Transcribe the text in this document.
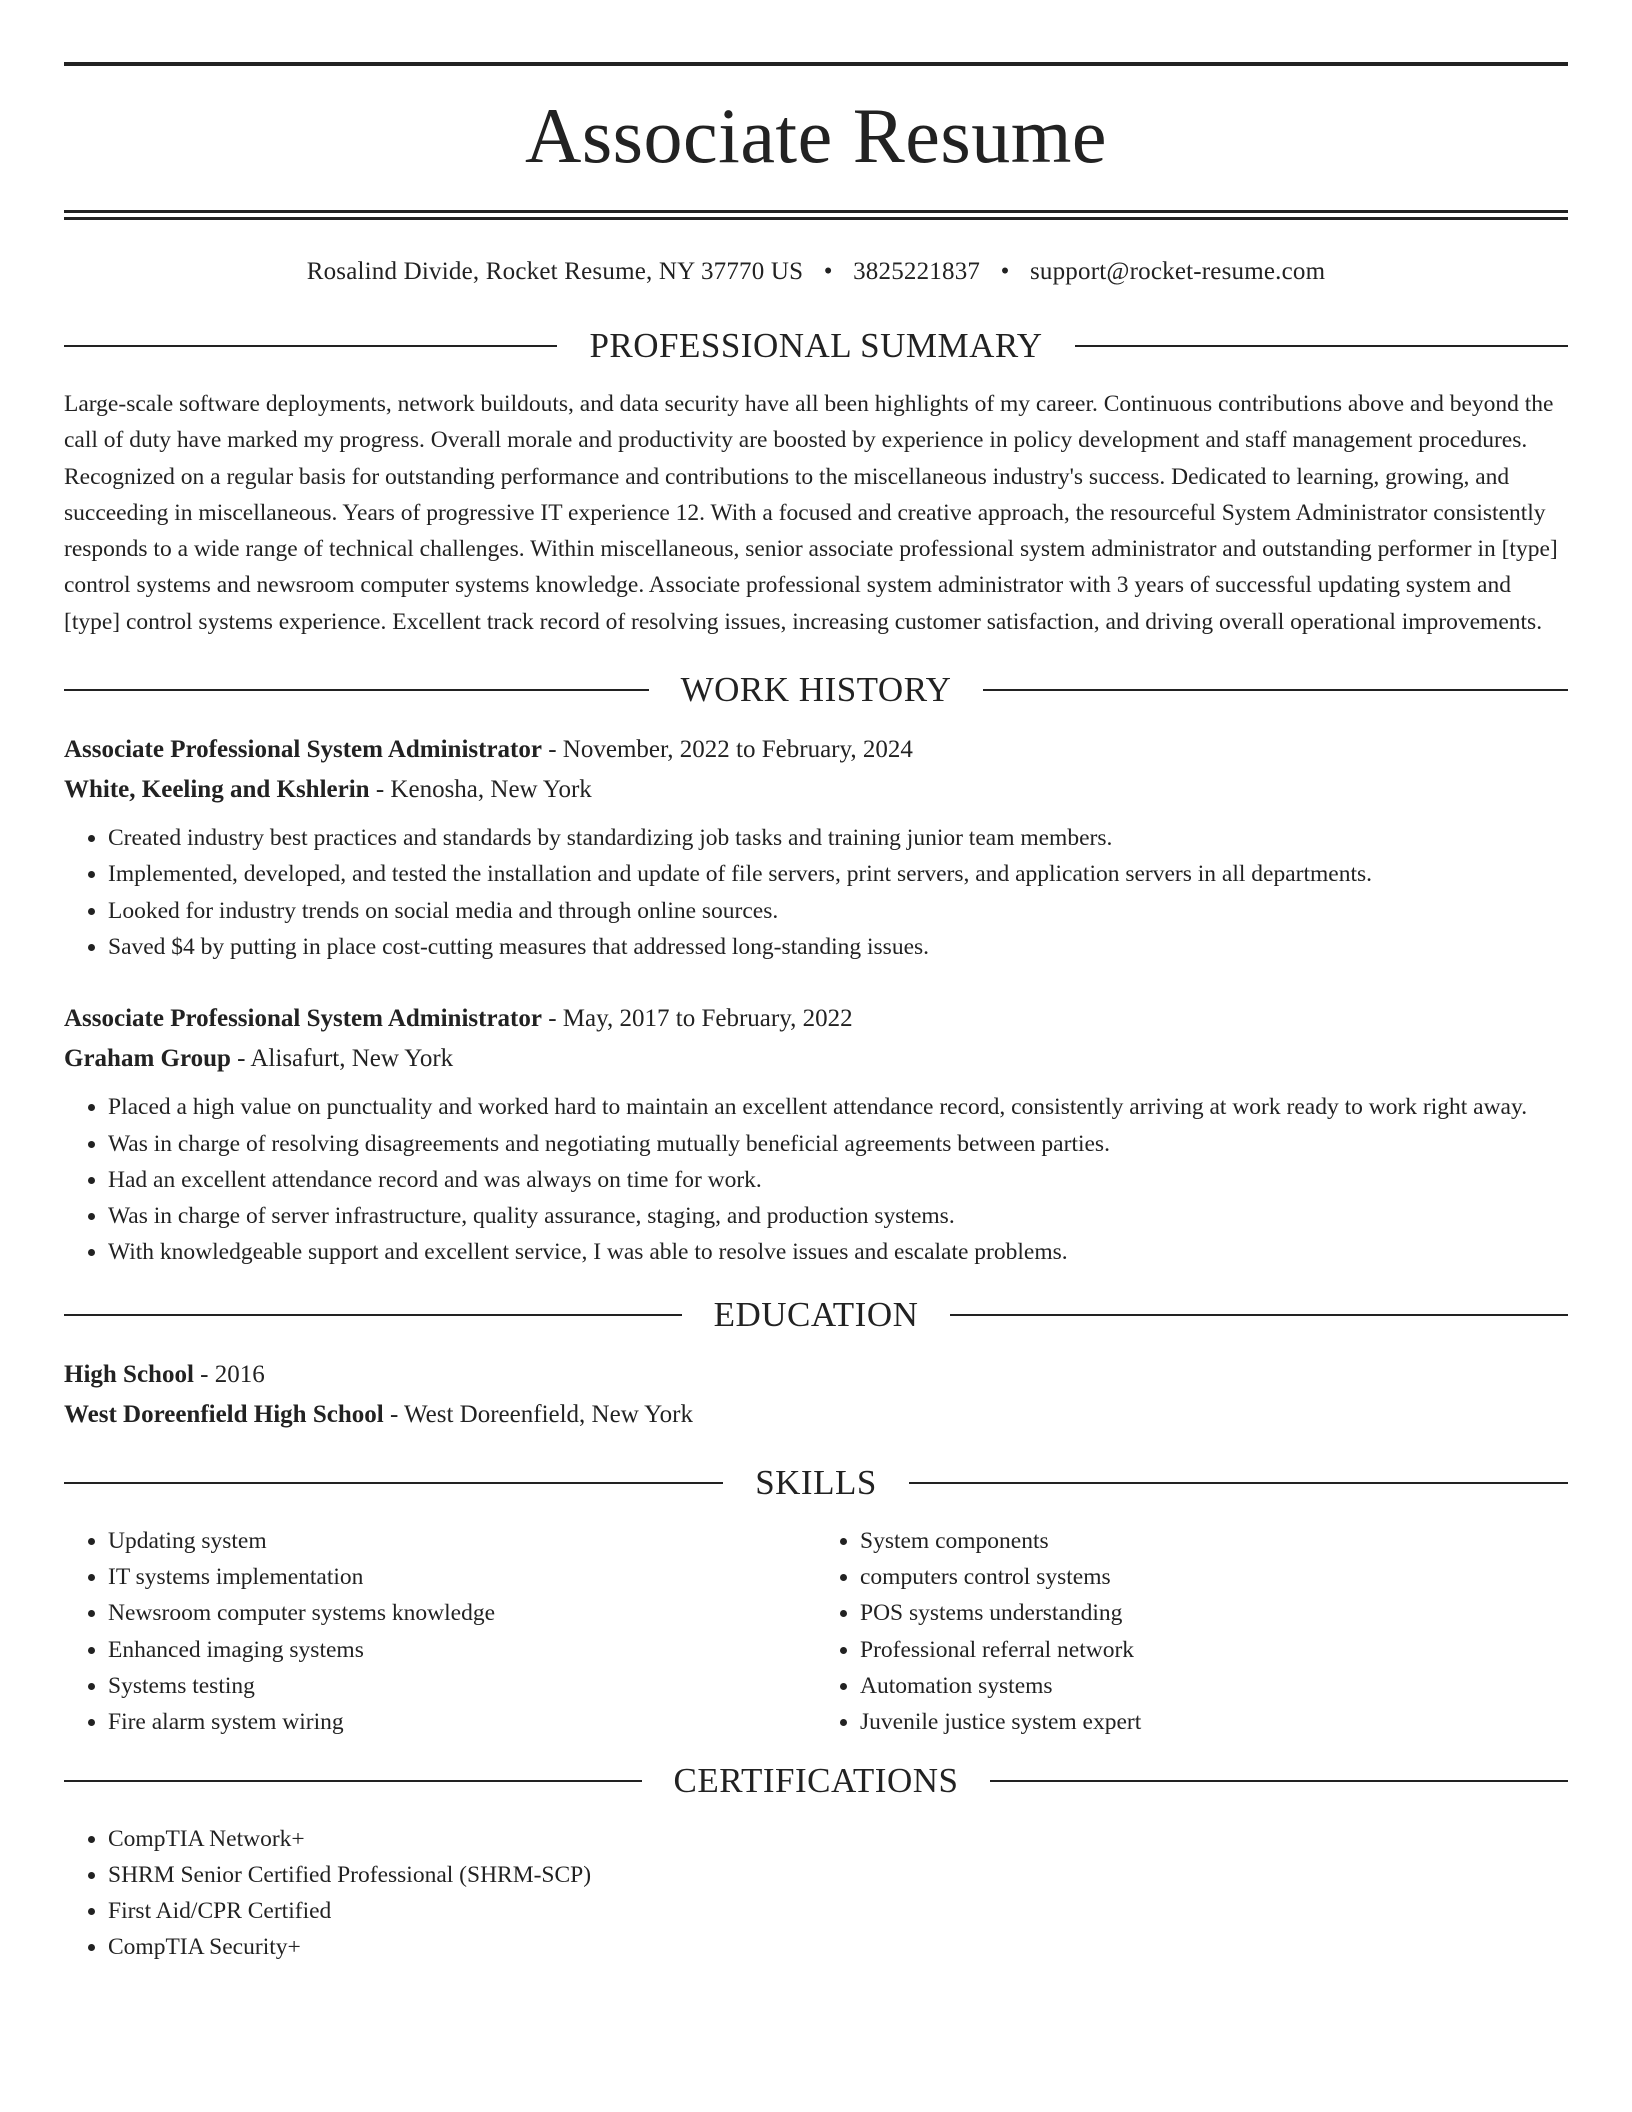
Associate Resume
Rosalind Divide, Rocket Resume, NY 37770 US • 3825221837 • support@rocket-resume.com
PROFESSIONAL SUMMARY

Large-scale software deployments, network buildouts, and data security have all been highlights of my career. Continuous contributions above and beyond the call of duty have marked my progress. Overall morale and productivity are boosted by experience in policy development and staff management procedures. Recognized on a regular basis for outstanding performance and contributions to the miscellaneous industry's success. Dedicated to learning, growing, and succeeding in miscellaneous. Years of progressive IT experience 12. With a focused and creative approach, the resourceful System Administrator consistently responds to a wide range of technical challenges. Within miscellaneous, senior associate professional system administrator and outstanding performer in [type] control systems and newsroom computer systems knowledge. Associate professional system administrator with 3 years of successful updating system and [type] control systems experience. Excellent track record of resolving issues, increasing customer satisfaction, and driving overall operational improvements.

WORK HISTORY
Associate Professional System Administrator - November, 2022 to February, 2024
White, Keeling and Kshlerin - Kenosha, New York
• Created industry best practices and standards by standardizing job tasks and training junior team members.
• Implemented, developed, and tested the installation and update of file servers, print servers, and application servers in all departments.
• Looked for industry trends on social media and through online sources.
• Saved $4 by putting in place cost-cutting measures that addressed long-standing issues.
Associate Professional System Administrator - May, 2017 to February, 2022
Graham Group - Alisafurt, New York
• Placed a high value on punctuality and worked hard to maintain an excellent attendance record, consistently arriving at work ready to work right away.
• Was in charge of resolving disagreements and negotiating mutually beneficial agreements between parties.
• Had an excellent attendance record and was always on time for work.
• Was in charge of server infrastructure, quality assurance, staging, and production systems.
• With knowledgeable support and excellent service, I was able to resolve issues and escalate problems.
EDUCATION
High School - 2016
West Doreenfield High School - West Doreenfield, New York
SKILLS
• Updating system
• IT systems implementation
• Newsroom computer systems knowledge
• Enhanced imaging systems
• Systems testing
• Fire alarm system wiring
• System components
• computers control systems
• POS systems understanding
• Professional referral network
• Automation systems
• Juvenile justice system expert
CERTIFICATIONS
• CompTIA Network+
• SHRM Senior Certified Professional (SHRM-SCP)
• First Aid/CPR Certified
• CompTIA Security+
